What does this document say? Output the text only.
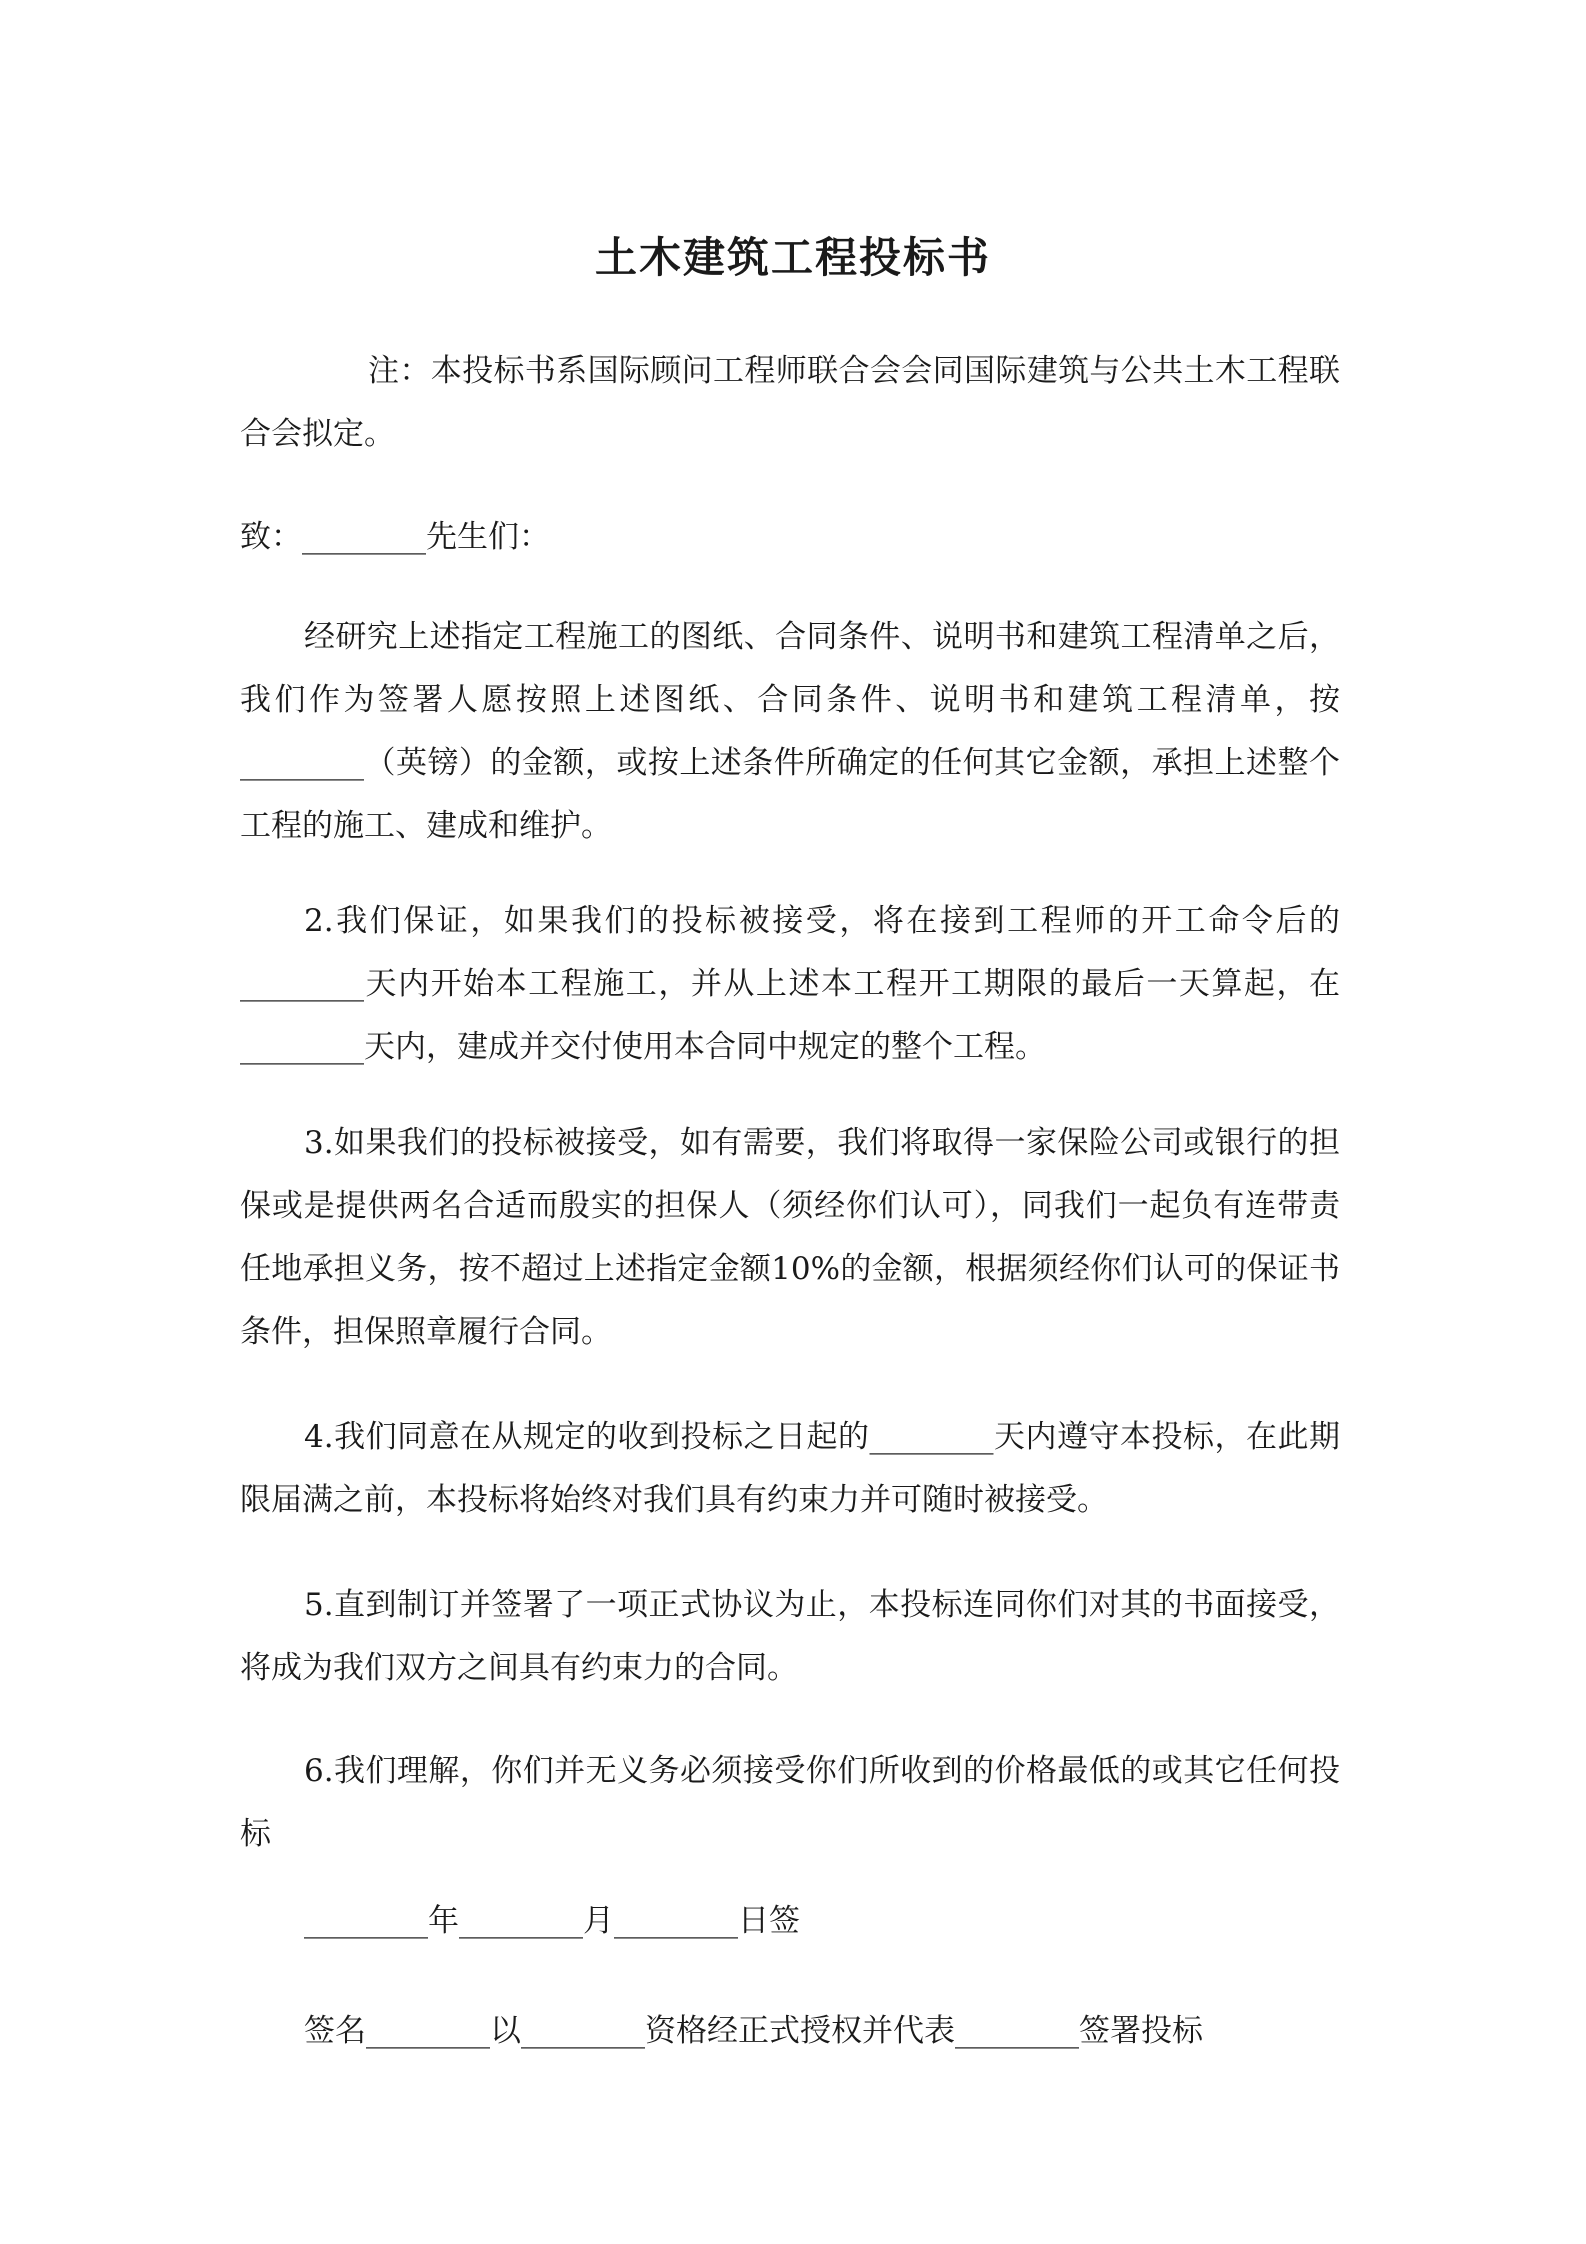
土木建筑工程投标书
注：本投标书系国际顾问工程师联合会会同国际建筑与公共土木工程联合会拟定。
致：________先生们：
经研究上述指定工程施工的图纸、合同条件、说明书和建筑工程清单之后，我们作为签署人愿按照上述图纸、合同条件、说明书和建筑工程清单，按________（英镑）的金额，或按上述条件所确定的任何其它金额，承担上述整个工程的施工、建成和维护。
2.我们保证，如果我们的投标被接受，将在接到工程师的开工命令后的________天内开始本工程施工，并从上述本工程开工期限的最后一天算起，在________天内，建成并交付使用本合同中规定的整个工程。
3.如果我们的投标被接受，如有需要，我们将取得一家保险公司或银行的担保或是提供两名合适而殷实的担保人（须经你们认可），同我们一起负有连带责任地承担义务，按不超过上述指定金额10%的金额，根据须经你们认可的保证书条件，担保照章履行合同。
4.我们同意在从规定的收到投标之日起的________天内遵守本投标，在此期限届满之前，本投标将始终对我们具有约束力并可随时被接受。
5.直到制订并签署了一项正式协议为止，本投标连同你们对其的书面接受，将成为我们双方之间具有约束力的合同。
6.我们理解，你们并无义务必须接受你们所收到的价格最低的或其它任何投标
________年________月________日签
签名________以________资格经正式授权并代表________签署投标
